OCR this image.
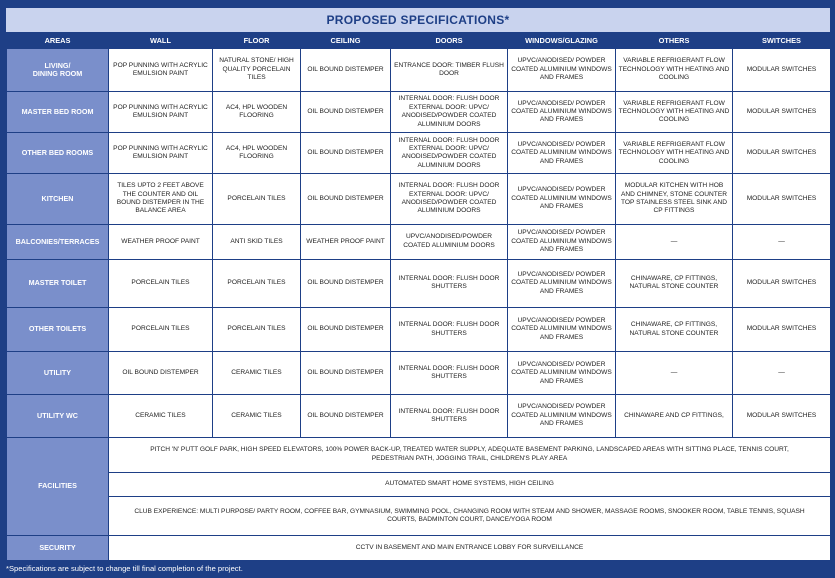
PROPOSED SPECIFICATIONS*
AREAS	WALL	FLOOR	CEILING	DOORS	WINDOWS/GLAZING	OTHERS	SWITCHES
LIVING/
DINING ROOM	POP PUNNING WITH ACRYLIC EMULSION PAINT	NATURAL STONE/ HIGH QUALITY PORCELAIN TILES	OIL BOUND DISTEMPER	ENTRANCE DOOR: TIMBER FLUSH DOOR	UPVC/ANODISED/ POWDER COATED ALUMINIUM WINDOWS AND FRAMES	VARIABLE REFRIGERANT FLOW TECHNOLOGY WITH HEATING AND COOLING	MODULAR SWITCHES
MASTER BED ROOM	POP PUNNING WITH ACRYLIC EMULSION PAINT	AC4, HPL WOODEN FLOORING	OIL BOUND DISTEMPER	INTERNAL DOOR: FLUSH DOOR EXTERNAL DOOR: UPVC/ ANODISED/POWDER COATED ALUMINIUM DOORS	UPVC/ANODISED/ POWDER COATED ALUMINIUM WINDOWS AND FRAMES	VARIABLE REFRIGERANT FLOW TECHNOLOGY WITH HEATING AND COOLING	MODULAR SWITCHES
OTHER BED ROOMS	POP PUNNING WITH ACRYLIC EMULSION PAINT	AC4, HPL WOODEN FLOORING	OIL BOUND DISTEMPER	INTERNAL DOOR: FLUSH DOOR EXTERNAL DOOR: UPVC/ ANODISED/POWDER COATED ALUMINIUM DOORS	UPVC/ANODISED/ POWDER COATED ALUMINIUM WINDOWS AND FRAMES	VARIABLE REFRIGERANT FLOW TECHNOLOGY WITH HEATING AND COOLING	MODULAR SWITCHES
KITCHEN	TILES UPTO 2 FEET ABOVE THE COUNTER AND OIL BOUND DISTEMPER IN THE BALANCE AREA	PORCELAIN TILES	OIL BOUND DISTEMPER	INTERNAL DOOR: FLUSH DOOR EXTERNAL DOOR: UPVC/ ANODISED/POWDER COATED ALUMINIUM DOORS	UPVC/ANODISED/ POWDER COATED ALUMINIUM WINDOWS AND FRAMES	MODULAR KITCHEN WITH HOB AND CHIMNEY, STONE COUNTER TOP STAINLESS STEEL SINK AND CP FITTINGS	MODULAR SWITCHES
BALCONIES/TERRACES	WEATHER PROOF PAINT	ANTI SKID TILES	WEATHER PROOF PAINT	UPVC/ANODISED/POWDER COATED ALUMINIUM DOORS	UPVC/ANODISED/ POWDER COATED ALUMINIUM WINDOWS AND FRAMES	—	—
MASTER TOILET	PORCELAIN TILES	PORCELAIN TILES	OIL BOUND DISTEMPER	INTERNAL DOOR: FLUSH DOOR SHUTTERS	UPVC/ANODISED/ POWDER COATED ALUMINIUM WINDOWS AND FRAMES	CHINAWARE, CP FITTINGS, NATURAL STONE COUNTER	MODULAR SWITCHES
OTHER TOILETS	PORCELAIN TILES	PORCELAIN TILES	OIL BOUND DISTEMPER	INTERNAL DOOR: FLUSH DOOR SHUTTERS	UPVC/ANODISED/ POWDER COATED ALUMINIUM WINDOWS AND FRAMES	CHINAWARE, CP FITTINGS, NATURAL STONE COUNTER	MODULAR SWITCHES
UTILITY	OIL BOUND DISTEMPER	CERAMIC TILES	OIL BOUND DISTEMPER	INTERNAL DOOR: FLUSH DOOR SHUTTERS	UPVC/ANODISED/ POWDER COATED ALUMINIUM WINDOWS AND FRAMES	—	—
UTILITY WC	CERAMIC TILES	CERAMIC TILES	OIL BOUND DISTEMPER	INTERNAL DOOR: FLUSH DOOR SHUTTERS	UPVC/ANODISED/ POWDER COATED ALUMINIUM WINDOWS AND FRAMES	CHINAWARE AND CP FITTINGS,	MODULAR SWITCHES
FACILITIES	PITCH 'N' PUTT GOLF PARK, HIGH SPEED ELEVATORS, 100% POWER BACK-UP, TREATED WATER SUPPLY, ADEQUATE BASEMENT PARKING, LANDSCAPED AREAS WITH SITTING PLACE, TENNIS COURT, PEDESTRIAN PATH, JOGGING TRAIL, CHILDREN'S PLAY AREA						
	AUTOMATED SMART HOME SYSTEMS, HIGH CEILING						
	CLUB EXPERIENCE: MULTI PURPOSE/ PARTY ROOM, COFFEE BAR, GYMNASIUM, SWIMMING POOL, CHANGING ROOM WITH STEAM AND SHOWER, MASSAGE ROOMS, SNOOKER ROOM, TABLE TENNIS, SQUASH COURTS, BADMINTON COURT, DANCE/YOGA ROOM						
SECURITY	CCTV IN BASEMENT AND MAIN ENTRANCE LOBBY FOR SURVEILLANCE						
*Specifications are subject to change till final completion of the project.
